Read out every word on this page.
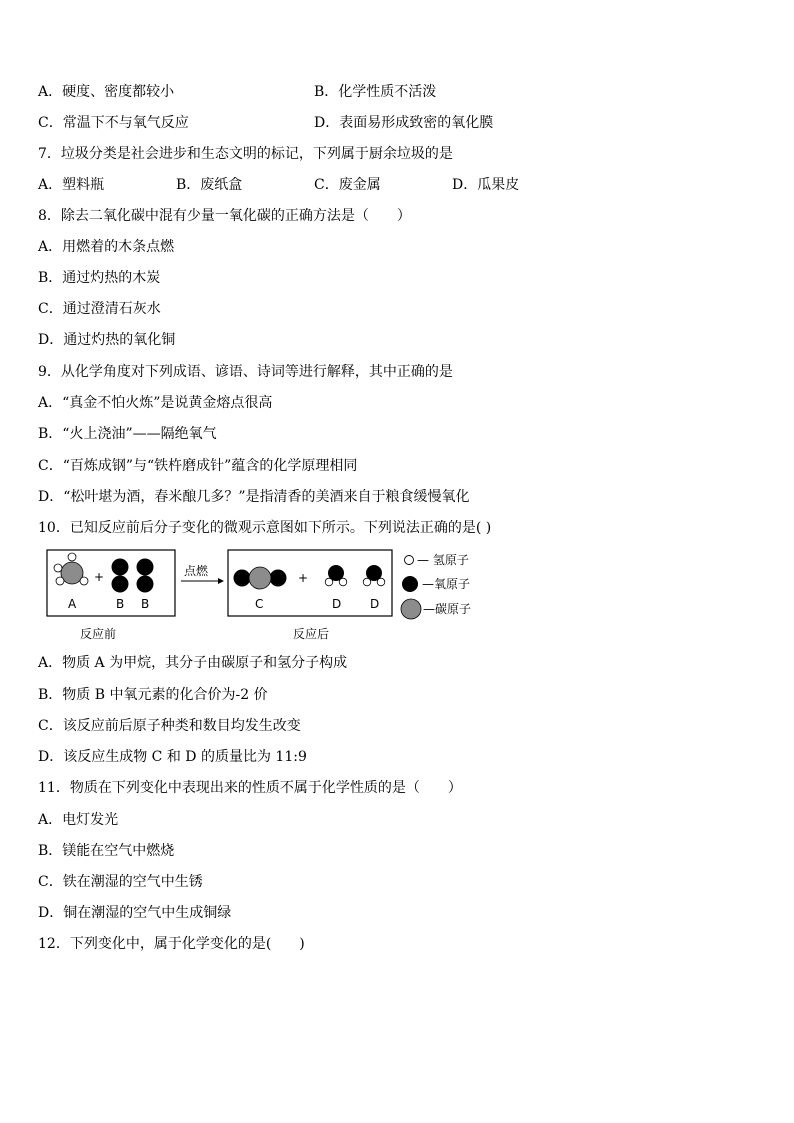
A．硬度、密度都较小	B．化学性质不活泼
C．常温下不与氧气反应	D．表面易形成致密的氧化膜
7．垃圾分类是社会进步和生态文明的标记，下列属于厨余垃圾的是
A．塑料瓶	B．废纸盒	C．废金属	D．瓜果皮
8．除去二氧化碳中混有少量一氧化碳的正确方法是（　　）
A．用燃着的木条点燃
B．通过灼热的木炭
C．通过澄清石灰水
D．通过灼热的氧化铜
9．从化学角度对下列成语、谚语、诗词等进行解释，其中正确的是
A．“真金不怕火炼”是说黄金熔点很高
B．“火上浇油”——隔绝氧气
C．“百炼成钢”与“铁杵磨成针”蕴含的化学原理相同
D．“松叶堪为酒，春米酿几多？”是指清香的美酒来自于粮食缓慢氧化
10．已知反应前后分子变化的微观示意图如下所示。下列说法正确的是( )
+
A	B B
点燃	+
C	D D
— 氢原子
—氧原子
—碳原子
反应前	反应后
A．物质 A 为甲烷，其分子由碳原子和氢分子构成
B．物质 B 中氧元素的化合价为-2 价
C．该反应前后原子种类和数目均发生改变
D．该反应生成物 C 和 D 的质量比为 11:9
11．物质在下列变化中表现出来的性质不属于化学性质的是（　　）
A．电灯发光
B．镁能在空气中燃烧
C．铁在潮湿的空气中生锈
D．铜在潮湿的空气中生成铜绿
12．下列变化中，属于化学变化的是(　　)
